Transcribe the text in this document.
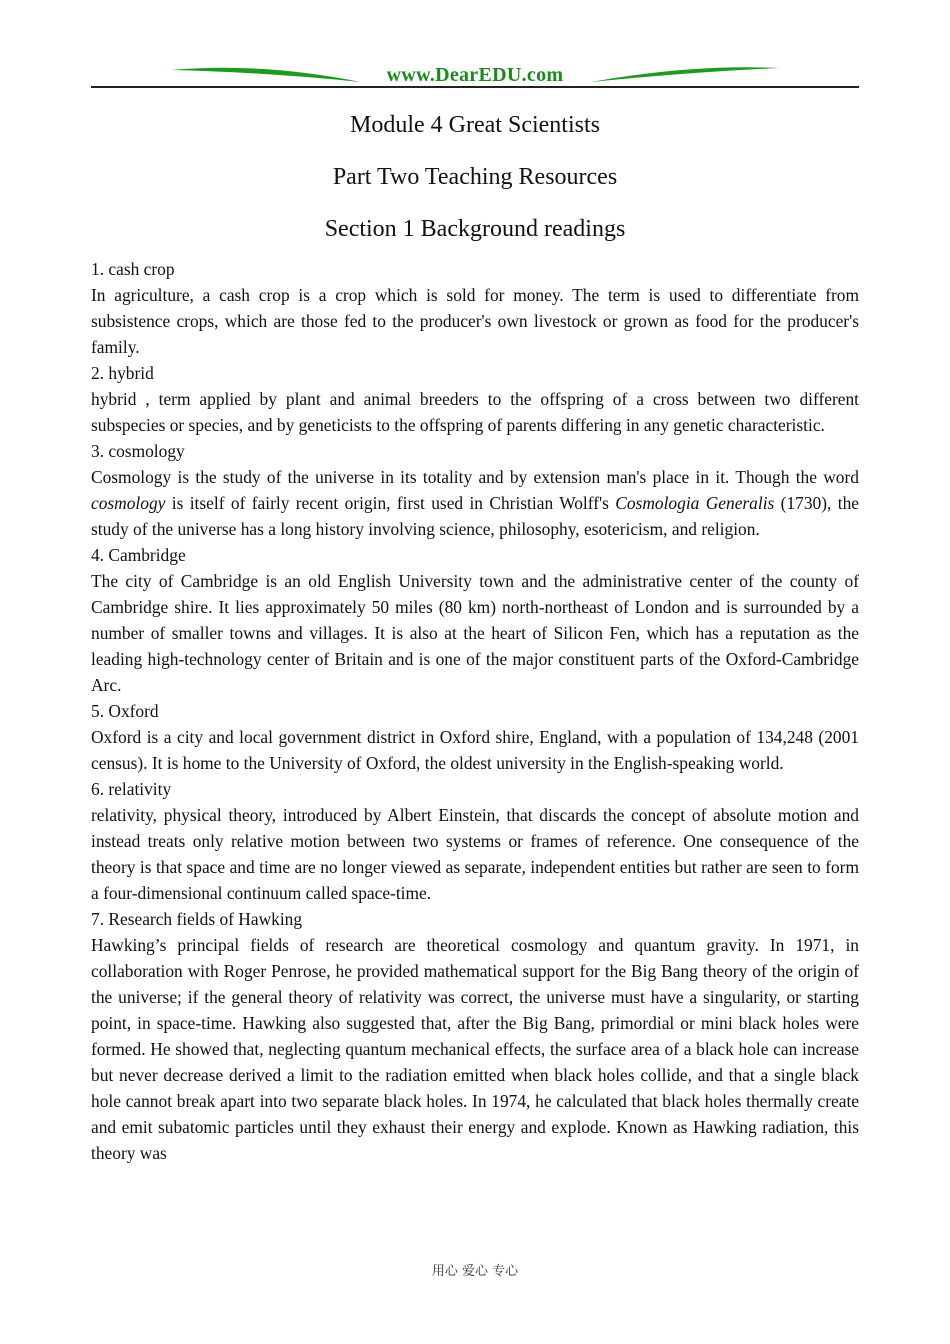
www.DearEDU.com
Module 4 Great Scientists
Part Two Teaching Resources
Section 1 Background readings

1. cash crop

In agriculture, a cash crop is a crop which is sold for money. The term is used to differentiate from subsistence crops, which are those fed to the producer's own livestock or grown as food for the producer's family.

2. hybrid

hybrid , term applied by plant and animal breeders to the offspring of a cross between two different subspecies or species, and by geneticists to the offspring of parents differing in any genetic characteristic.

3. cosmology

Cosmology is the study of the universe in its totality and by extension man's place in it. Though the word cosmology is itself of fairly recent origin, first used in Christian Wolff's Cosmologia Generalis (1730), the study of the universe has a long history involving science, philosophy, esotericism, and religion.

4. Cambridge

The city of Cambridge is an old English University town and the administrative center of the county of Cambridge shire. It lies approximately 50 miles (80 km) north-northeast of London and is surrounded by a number of smaller towns and villages. It is also at the heart of Silicon Fen, which has a reputation as the leading high-technology center of Britain and is one of the major constituent parts of the Oxford-Cambridge Arc.

5. Oxford

Oxford is a city and local government district in Oxford shire, England, with a population of 134,248 (2001 census). It is home to the University of Oxford, the oldest university in the English-speaking world.

6. relativity

relativity, physical theory, introduced by Albert Einstein, that discards the concept of absolute motion and instead treats only relative motion between two systems or frames of reference. One consequence of the theory is that space and time are no longer viewed as separate, independent entities but rather are seen to form a four-dimensional continuum called space-time.

7. Research fields of Hawking

Hawking’s principal fields of research are theoretical cosmology and quantum gravity. In 1971, in collaboration with Roger Penrose, he provided mathematical support for the Big Bang theory of the origin of the universe; if the general theory of relativity was correct, the universe must have a singularity, or starting point, in space-time. Hawking also suggested that, after the Big Bang, primordial or mini black holes were formed. He showed that, neglecting quantum mechanical effects, the surface area of a black hole can increase but never decrease derived a limit to the radiation emitted when black holes collide, and that a single black hole cannot break apart into two separate black holes. In 1974, he calculated that black holes thermally create and emit subatomic particles until they exhaust their energy and explode. Known as Hawking radiation, this theory was

用心 爱心 专心
